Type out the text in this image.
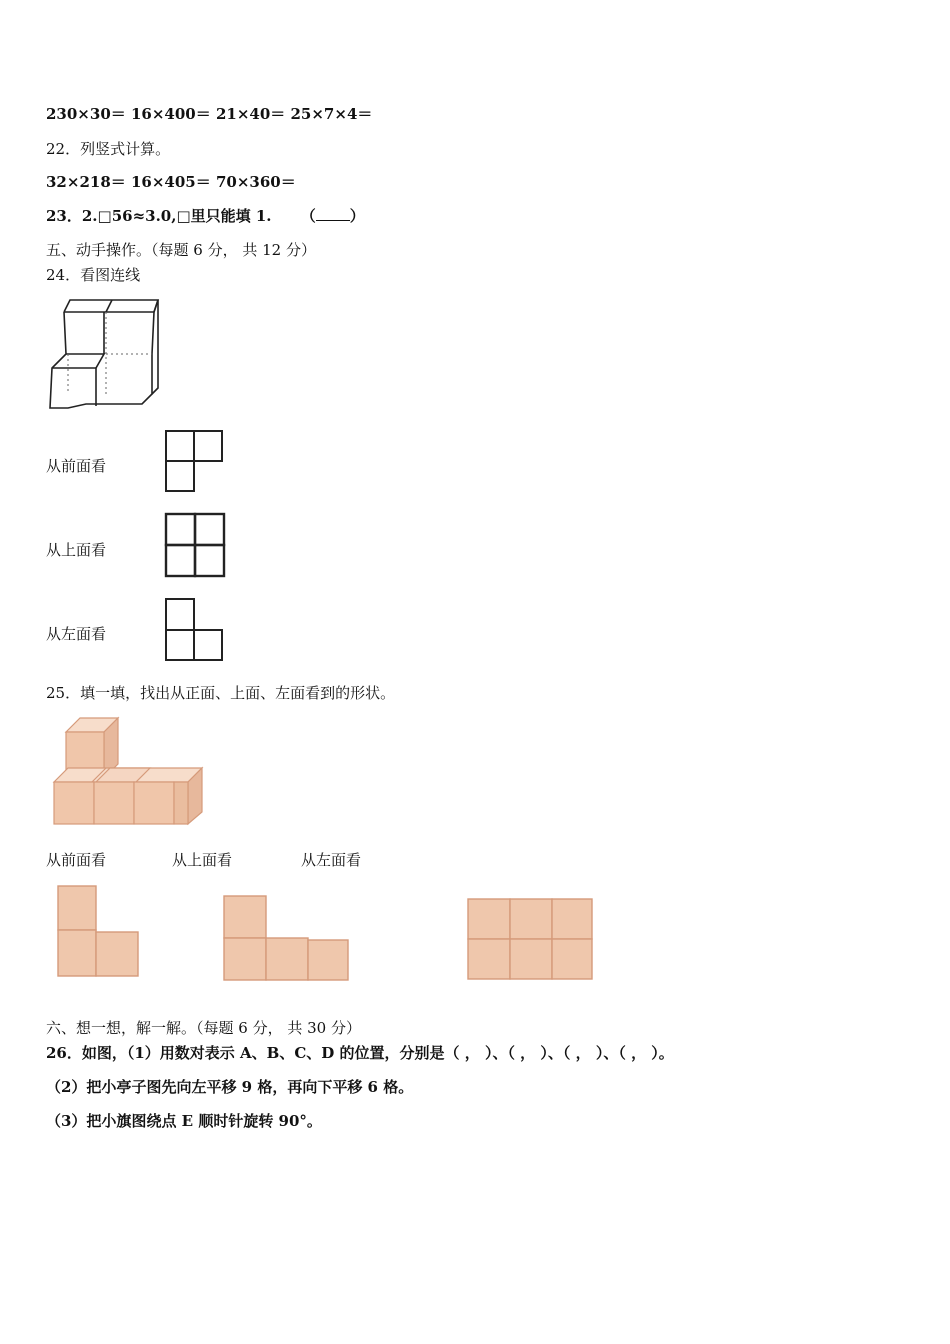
230×30＝ 16×400＝ 21×40＝ 25×7×4＝
22．列竖式计算。
32×218＝ 16×405＝ 70×360＝
23．2.□56≈3.0,□里只能填 1. （ ）
五、动手操作。（每题 6 分， 共 12 分）
24．看图连线
从前面看
从上面看
从左面看
25．填一填，找出从正面、上面、左面看到的形状。
从前面看	从上面看	从左面看
六、想一想，解一解。（每题 6 分， 共 30 分）
26．如图，（1）用数对表示 A、B、C、D 的位置，分别是（ ， ）、（ ， ）、（ ， ）、（ ， ）。
（2）把小亭子图先向左平移 9 格，再向下平移 6 格。
（3）把小旗图绕点 E 顺时针旋转 90°。
